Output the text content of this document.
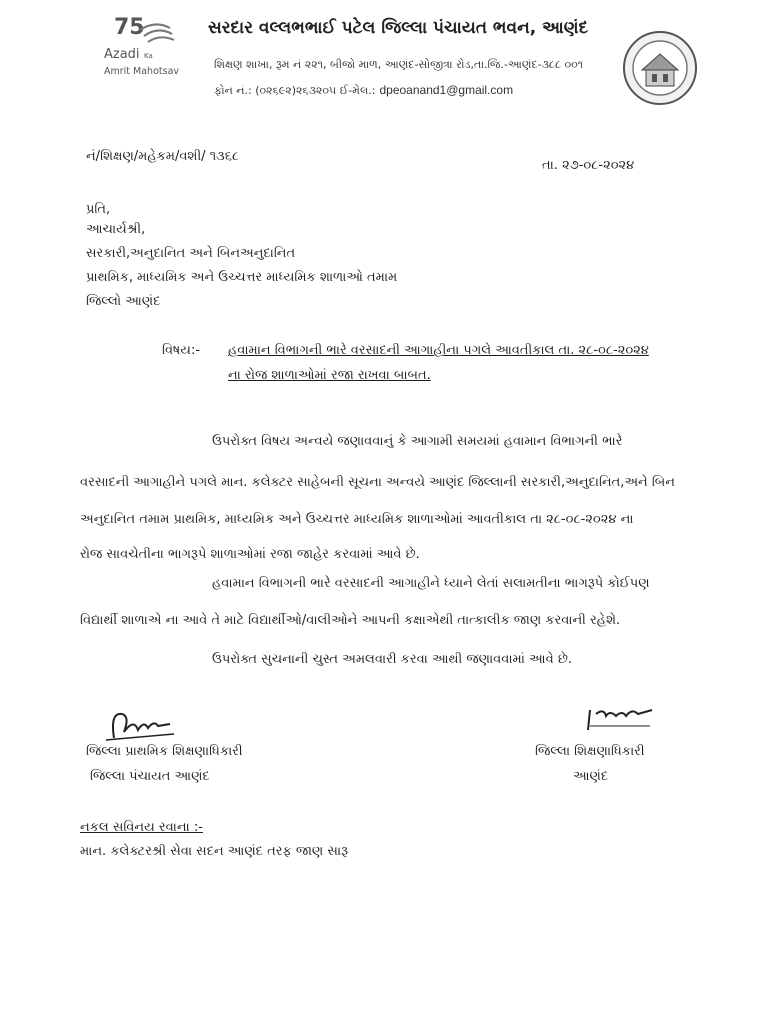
75
Azadi Ka
Amrit Mahotsav
સરદાર વલ્લભભાઈ પટેલ જિલ્લા પંચાયત ભવન, આણંદ
શિક્ષણ શાખા, રૂમ નં ૨૨૧, બીજો માળ, આણંદ-સોજીત્રા રોડ,તા.જિ.-આણંદ-૩૮૮ ૦૦૧
ફોન નં.: (૦૨૬૯૨)૨૬૩૨૦૫ ઈ-મેલ.: dpeoanand1@gmail.com
નં/શિક્ષણ/મહેકમ/વશી/ ૧૩૬૮
તા. ૨૭-૦૮-૨૦૨૪
પ્રતિ,
આચાર્યશ્રી,
સરકારી,અનુદાનિત અને બિનઅનુદાનિત
પ્રાથમિક, માધ્યમિક અને ઉચ્ચત્તર માધ્યમિક શાળાઓ તમામ
જિલ્લો આણંદ
વિષય:- હવામાન વિભાગની ભારે વરસાદની આગાહીના પગલે આવતીકાલ તા. ૨૮-૦૮-૨૦૨૪
ના રોજ શાળાઓમાં રજા રાખવા બાબત.
ઉપરોક્ત વિષય અન્વયે જણાવવાનું કે આગામી સમયમાં હવામાન વિભાગની ભારે
વરસાદની આગાહીને પગલે માન. કલેક્ટર સાહેબની સૂચના અન્વયે આણંદ જિલ્લાની સરકારી,અનુદાનિત,અને બિન
અનુદાનિત તમામ પ્રાથમિક, માધ્યમિક અને ઉચ્ચત્તર માધ્યમિક શાળાઓમાં આવતીકાલ તા ૨૮-૦૮-૨૦૨૪ ના
રોજ સાવચેતીના ભાગરૂપે શાળાઓમાં રજા જાહેર કરવામાં આવે છે.
હવામાન વિભાગની ભારે વરસાદની આગાહીને ધ્યાને લેતાં સલામતીના ભાગરૂપે કોઈપણ
વિદ્યાર્થી શાળાએ ના આવે તે માટે વિદ્યાર્થીઓ/વાલીઓને આપની કક્ષાએથી તાત્કાલીક જાણ કરવાની રહેશે.
ઉપરોક્ત સુચનાની ચુસ્ત અમલવારી કરવા આથી જણાવવામાં આવે છે.
જિલ્લા પ્રાથમિક શિક્ષણાધિકારી
જિલ્લા પંચાયત આણંદ
જિલ્લા શિક્ષણાધિકારી
આણંદ
નકલ સવિનય રવાના :-
માન. કલેક્ટરશ્રી સેવા સદન આણંદ તરફ જાણ સારૂ
